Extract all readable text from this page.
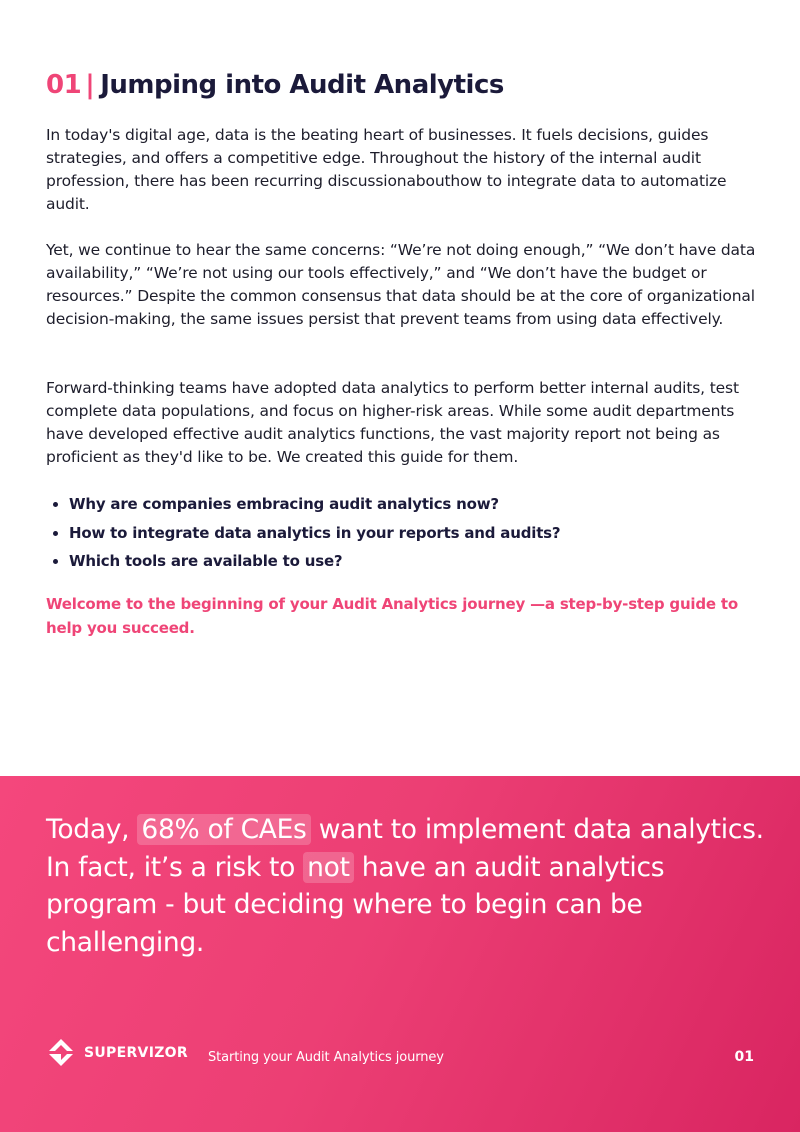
01 | Jumping into Audit Analytics

In today's digital age, data is the beating heart of businesses. It fuels decisions, guides strategies, and offers a competitive edge. Throughout the history of the internal audit profession, there has been recurring discussionabouthow to integrate data to automatize audit.

Yet, we continue to hear the same concerns: “We’re not doing enough,” “We don’t have data availability,” “We’re not using our tools effectively,” and “We don’t have the budget or resources.” Despite the common consensus that data should be at the core of organizational decision-making, the same issues persist that prevent teams from using data effectively.

Forward-thinking teams have adopted data analytics to perform better internal audits, test complete data populations, and focus on higher-risk areas. While some audit departments have developed effective audit analytics functions, the vast majority report not being as proficient as they'd like to be. We created this guide for them.

Why are companies embracing audit analytics now?
How to integrate data analytics in your reports and audits?
Which tools are available to use?

Welcome to the beginning of your Audit Analytics journey —a step-by-step guide to help you succeed.

Today, 68% of CAEs want to implement data analytics. In fact, it’s a risk to not have an audit analytics program - but deciding where to begin can be challenging.

SUPERVIZOR Starting your Audit Analytics journey	01
